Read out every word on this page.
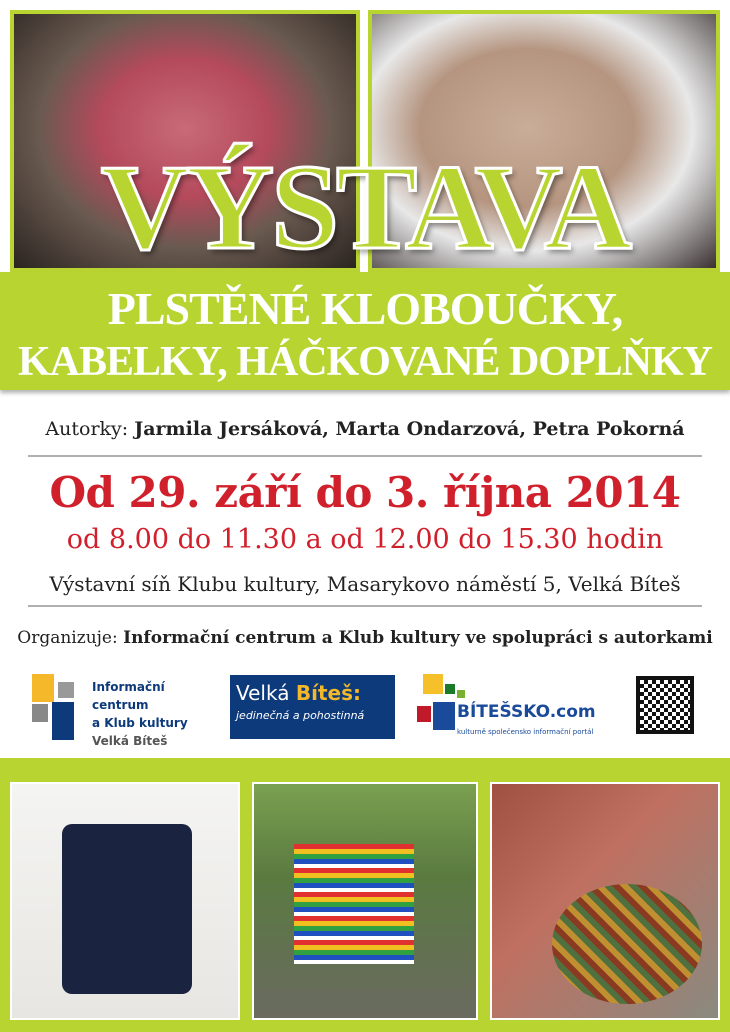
VÝSTAVA
PLSTĚNÉ KLOBOUČKY,
KABELKY, HÁČKOVANÉ DOPLŇKY
Autorky: Jarmila Jersáková, Marta Ondarzová, Petra Pokorná
Od 29. září do 3. října 2014
od 8.00 do 11.30 a od 12.00 do 15.30 hodin
Výstavní síň Klubu kultury, Masarykovo náměstí 5, Velká Bíteš
Organizuje: Informační centrum a Klub kultury ve spolupráci s autorkami
Informační centrum
a Klub kultury
Velká Bíteš
Velká Bíteš:
jedinečná a pohostinná	BÍTEŠSKO.com
kulturně společensko informační portál
